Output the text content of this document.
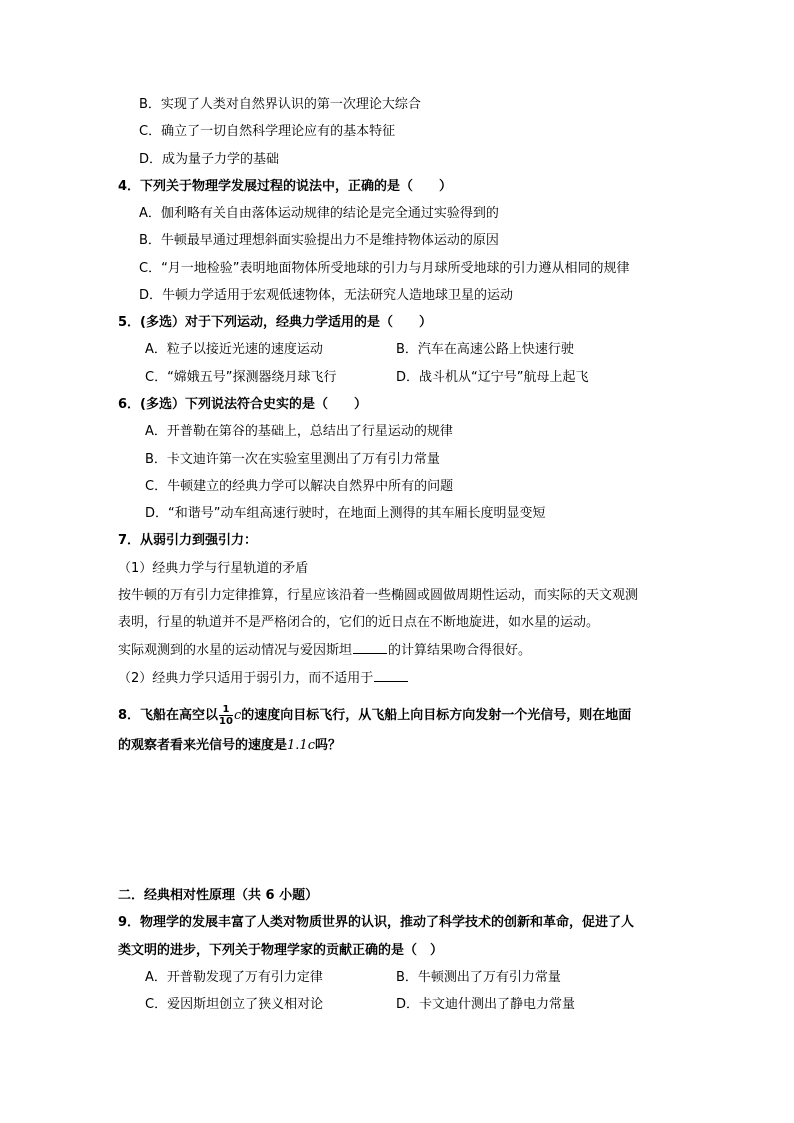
B．实现了人类对自然界认识的第一次理论大综合
C．确立了一切自然科学理论应有的基本特征
D．成为量子力学的基础
4．下列关于物理学发展过程的说法中，正确的是（　　）
A．伽利略有关自由落体运动规律的结论是完全通过实验得到的
B．牛顿最早通过理想斜面实验提出力不是维持物体运动的原因
C．“月一地检验”表明地面物体所受地球的引力与月球所受地球的引力遵从相同的规律
D．牛顿力学适用于宏观低速物体，无法研究人造地球卫星的运动
5．(多选）对于下列运动，经典力学适用的是（　　）
A．粒子以接近光速的速度运动	B．汽车在高速公路上快速行驶
C．“嫦娥五号”探测器绕月球飞行	D．战斗机从“辽宁号”航母上起飞
6．(多选）下列说法符合史实的是（　　）
A．开普勒在第谷的基础上，总结出了行星运动的规律
B．卡文迪许第一次在实验室里测出了万有引力常量
C．牛顿建立的经典力学可以解决自然界中所有的问题
D．“和谐号”动车组高速行驶时，在地面上测得的其车厢长度明显变短
7．从弱引力到强引力：
（1）经典力学与行星轨道的矛盾
按牛顿的万有引力定律推算，行星应该沿着一些椭圆或圆做周期性运动，而实际的天文观测
表明，行星的轨道并不是严格闭合的，它们的近日点在不断地旋进，如水星的运动。
实际观测到的水星的运动情况与爱因斯坦	的计算结果吻合得很好。
（2）经典力学只适用于弱引力，而不适用于
8．飞船在高空以 $\frac{1}{10}$ c的速度向目标飞行，从飞船上向目标方向发射一个光信号，则在地面
的观察者看来光信号的速度是1.1c吗？
二．经典相对性原理（共 6 小题）
9．物理学的发展丰富了人类对物质世界的认识，推动了科学技术的创新和革命，促进了人
类文明的进步，下列关于物理学家的贡献正确的是（　）
A．开普勒发现了万有引力定律	B．牛顿测出了万有引力常量
C．爱因斯坦创立了狭义相对论	D．卡文迪什测出了静电力常量
